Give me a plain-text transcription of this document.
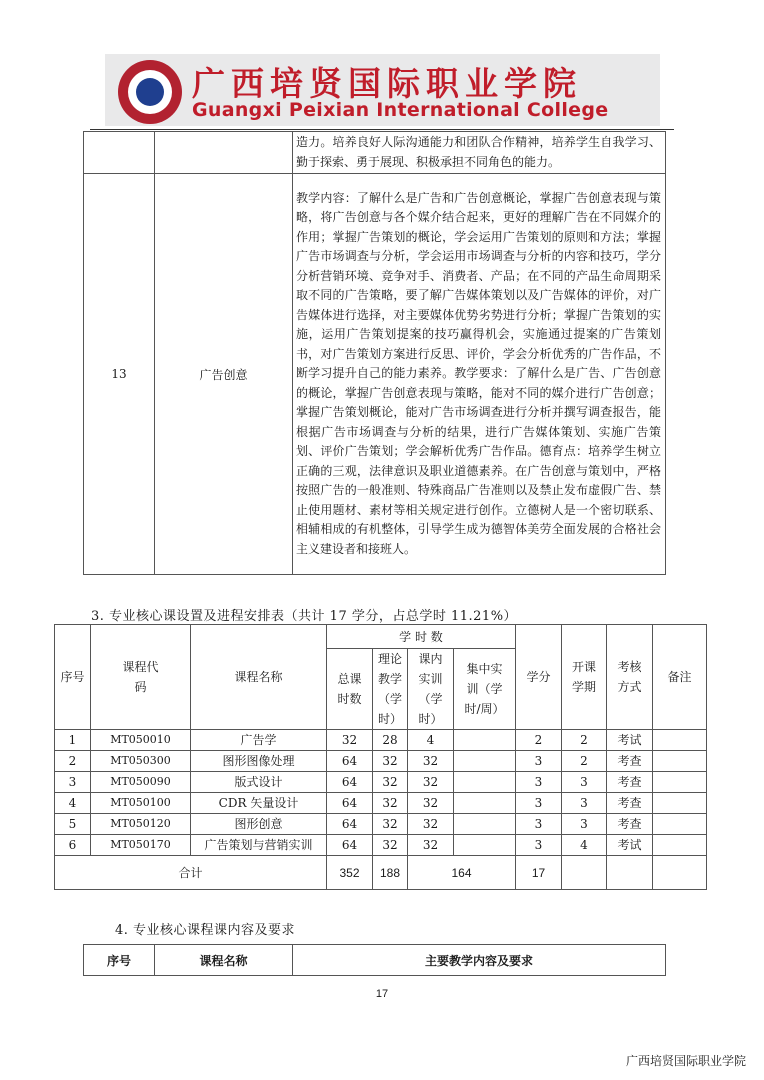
广西培贤国际职业学院
Guangxi Peixian International College
		造力。培养良好人际沟通能力和团队合作精神，培养学生自我学习、勤于探索、勇于展现、积极承担不同角色的能力。
13	广告创意	教学内容：了解什么是广告和广告创意概论，掌握广告创意表现与策略，将广告创意与各个媒介结合起来，更好的理解广告在不同媒介的作用；掌握广告策划的概论，学会运用广告策划的原则和方法；掌握广告市场调查与分析，学会运用市场调查与分析的内容和技巧，学分分析营销环境、竞争对手、消费者、产品；在不同的产品生命周期采取不同的广告策略，要了解广告媒体策划以及广告媒体的评价，对广告媒体进行选择，对主要媒体优势劣势进行分析；掌握广告策划的实施，运用广告策划提案的技巧赢得机会，实施通过提案的广告策划书，对广告策划方案进行反思、评价，学会分析优秀的广告作品，不断学习提升自己的能力素养。教学要求：了解什么是广告、广告创意的概论，掌握广告创意表现与策略，能对不同的媒介进行广告创意；掌握广告策划概论，能对广告市场调查进行分析并撰写调查报告，能根据广告市场调查与分析的结果，进行广告媒体策划、实施广告策划、评价广告策划；学会解析优秀广告作品。德育点：培养学生树立正确的三观，法律意识及职业道德素养。在广告创意与策划中，严格按照广告的一般准则、特殊商品广告准则以及禁止发布虚假广告、禁止使用题材、素材等相关规定进行创作。立德树人是一个密切联系、相辅相成的有机整体，引导学生成为德智体美劳全面发展的合格社会主义建设者和接班人。
3. 专业核心课设置及进程安排表（共计 17 学分，占总学时 11.21%）
序号	课程代码	课程名称	学 时 数				学分	开课学期	考核方式	备注

			总课时数	理论教学（学时）	课内实训（学时）	集中实训（学时/周）				

1	MT050010	广告学	32	28	4		2	2	考试	
2	MT050300	图形图像处理	64	32	32		3	2	考查	
3	MT050090	版式设计	64	32	32		3	3	考查	
4	MT050100	CDR 矢量设计	64	32	32		3	3	考查	
5	MT050120	图形创意	64	32	32		3	3	考查	
6	MT050170	广告策划与营销实训	64	32	32		3	4	考试	
合计			352	188	164		17			
4. 专业核心课程课内容及要求
序号	课程名称	主要教学内容及要求
17
广西培贤国际职业学院
